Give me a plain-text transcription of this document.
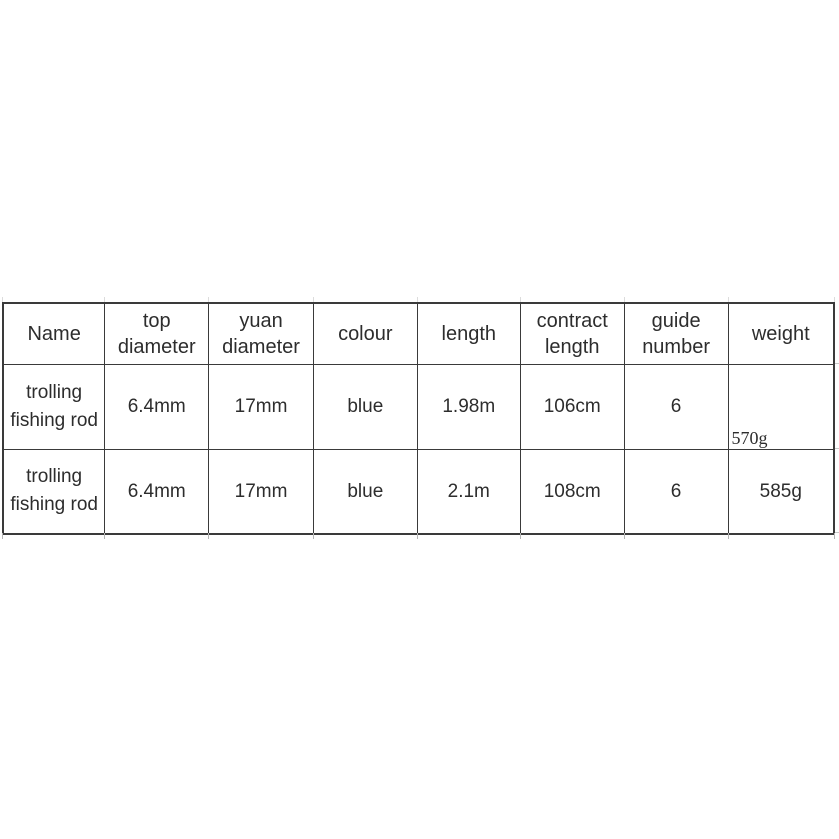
Name	top diameter	yuan diameter	colour	length	contract length	guide number	weight
trolling fishing rod	6.4mm	17mm	blue	1.98m	106cm	6	570g
trolling fishing rod	6.4mm	17mm	blue	2.1m	108cm	6	585g
